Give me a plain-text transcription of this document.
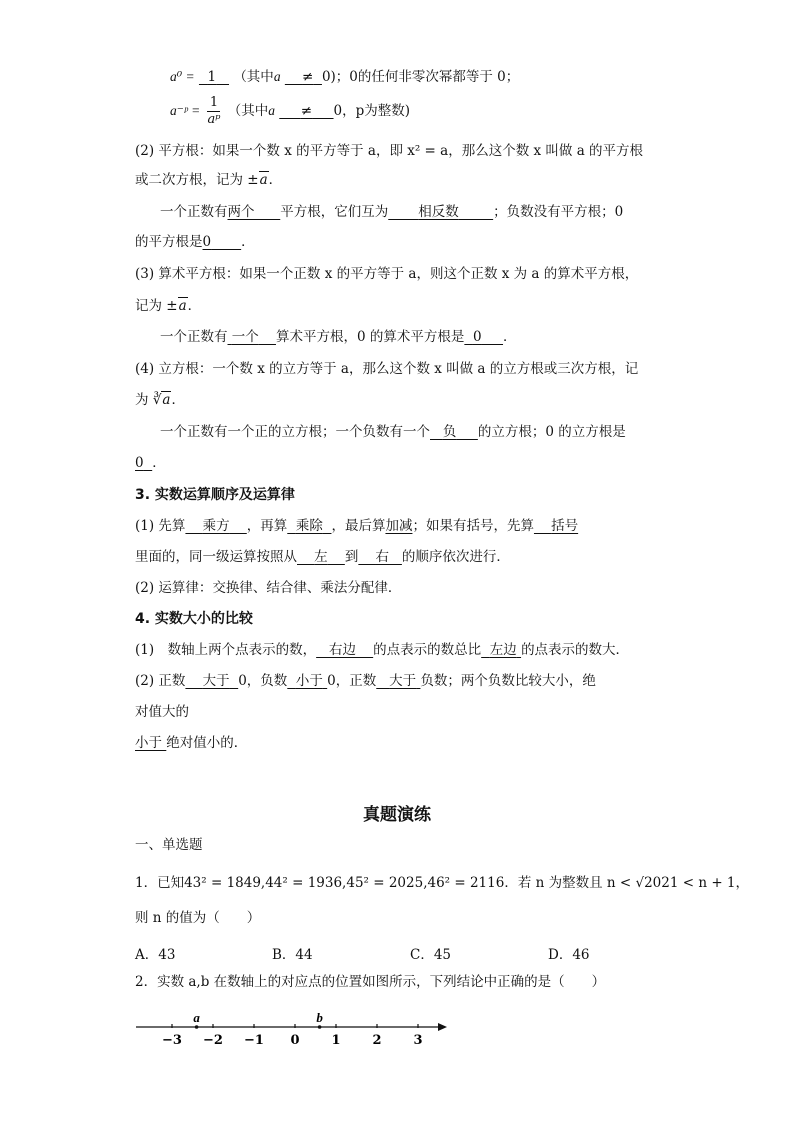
a⁰ = 1 （其中a ≠ 0)；0的任何非零次幂都等于 0；
a⁻ᵖ = $\frac{1}{\text{aᵖ}}$ （其中a ≠ 0，p为整数)
(2) 平方根：如果一个数 x 的平方等于 a，即 x² = a，那么这个数 x 叫做 a 的平方根
或二次方根，记为 ±a．
一个正数有两个 平方根，它们互为 相反数	；负数没有平方根；0
的平方根是0 ．
(3) 算术平方根：如果一个正数 x 的平方等于 a，则这个正数 x 为 a 的算术平方根，
记为 ±a．
一个正数有 一个 算术平方根，0 的算术平方根是 0 ．
(4) 立方根：一个数 x 的立方等于 a，那么这个数 x 叫做 a 的立方根或三次方根，记
为 ∛a．
一个正数有一个正的立方根；一个负数有一个 负 的立方根；0 的立方根是
0 ．
3. 实数运算顺序及运算律
(1) 先算 乘方 ，再算 乘除 ，最后算加减；如果有括号，先算 括号
里面的，同一级运算按照从 左 到 右 的顺序依次进行．
(2) 运算律：交换律、结合律、乘法分配律．
4. 实数大小的比较
(1)　数轴上两个点表示的数， 右边 的点表示的数总比 左边 的点表示的数大．
(2) 正数 大于 0，负数 小于 0，正数 大于 负数；两个负数比较大小，绝
对值大的
小于 绝对值小的．
真题演练
一、单选题
1．已知43² = 1849,44² = 1936,45² = 2025,46² = 2116．若 n 为整数且 n < √2021 < n + 1，
则 n 的值为（　　）
A．43	B．44	C．45	D．46
2．实数 a,b 在数轴上的对应点的位置如图所示，下列结论中正确的是（　　）
−3 −2 −1 0 1 2 3
a	b
